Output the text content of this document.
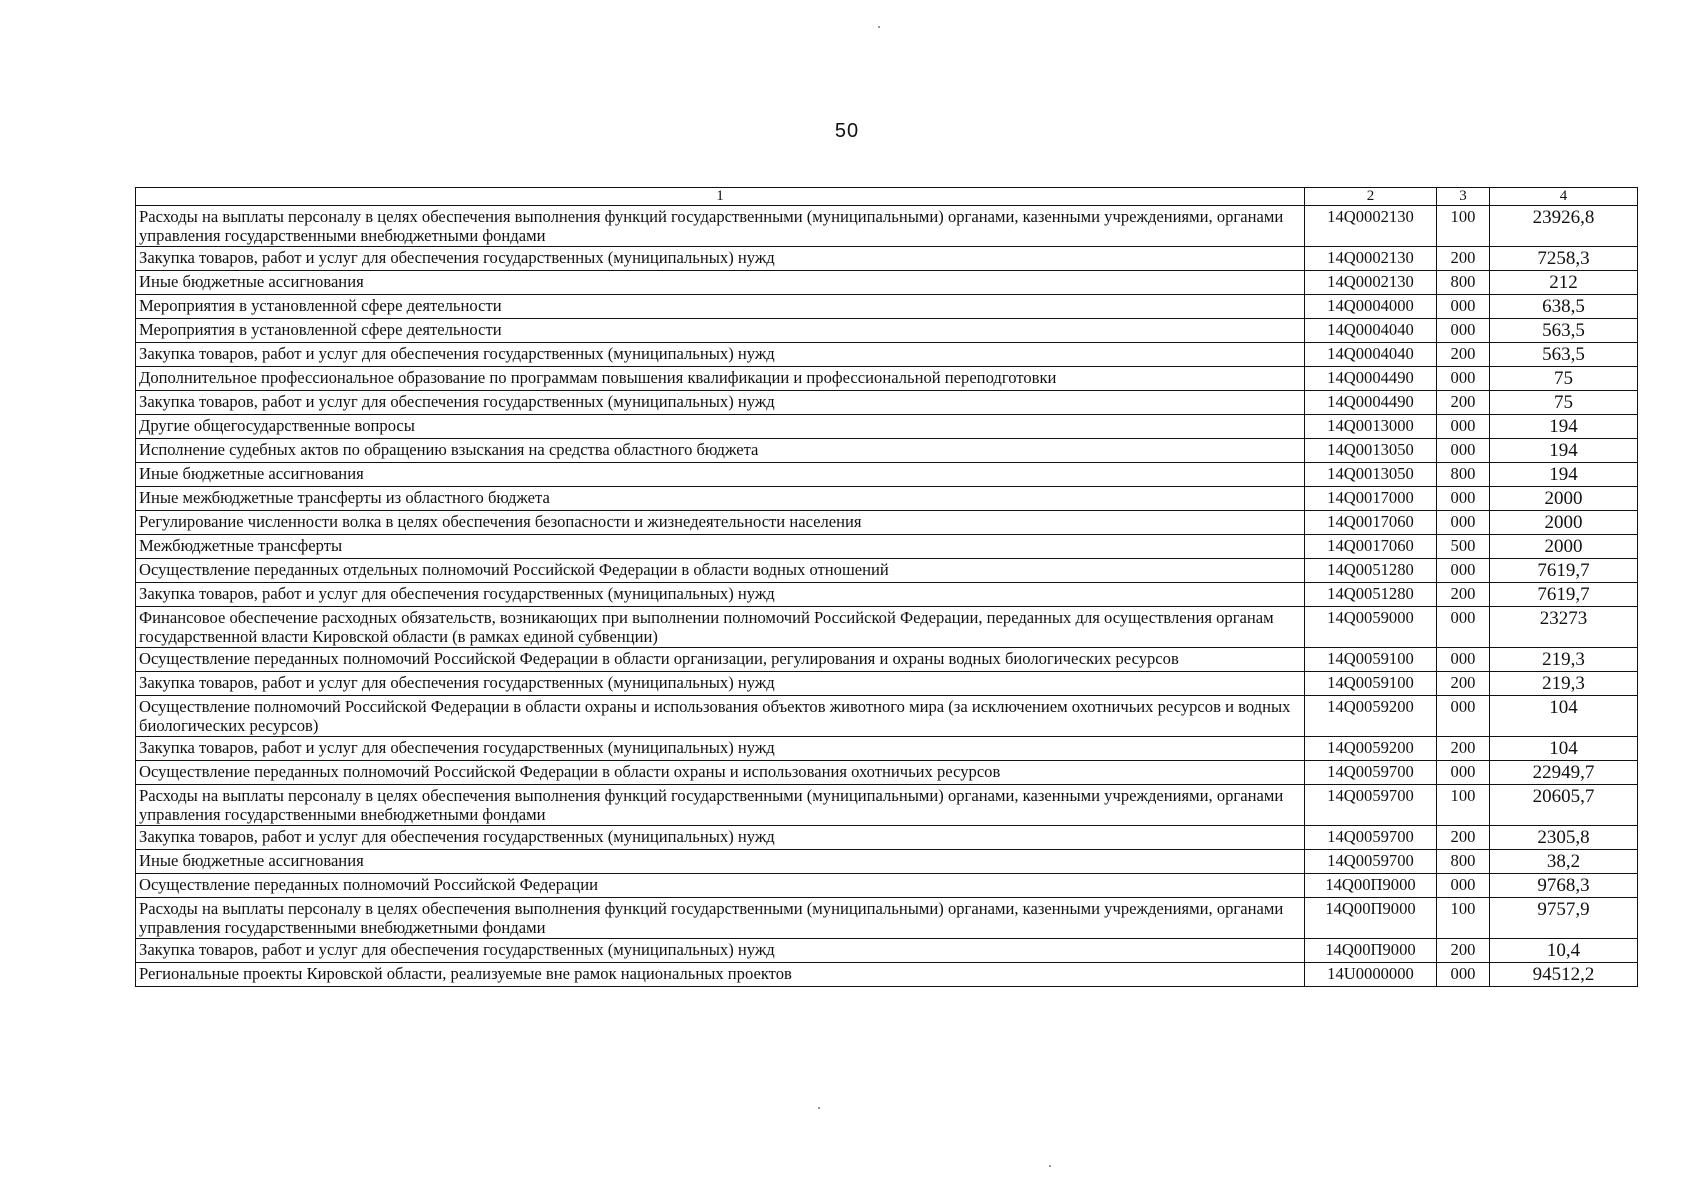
50
1	2	3	4
Расходы на выплаты персоналу в целях обеспечения выполнения функций государственными (муниципальными) органами, казенными учреждениями, органами управления государственными внебюджетными фондами	14Q0002130	100	23926,8
Закупка товаров, работ и услуг для обеспечения государственных (муниципальных) нужд	14Q0002130	200	7258,3
Иные бюджетные ассигнования	14Q0002130	800	212
Мероприятия в установленной сфере деятельности	14Q0004000	000	638,5
Мероприятия в установленной сфере деятельности	14Q0004040	000	563,5
Закупка товаров, работ и услуг для обеспечения государственных (муниципальных) нужд	14Q0004040	200	563,5
Дополнительное профессиональное образование по программам повышения квалификации и профессиональной переподготовки	14Q0004490	000	75
Закупка товаров, работ и услуг для обеспечения государственных (муниципальных) нужд	14Q0004490	200	75
Другие общегосударственные вопросы	14Q0013000	000	194
Исполнение судебных актов по обращению взыскания на средства областного бюджета	14Q0013050	000	194
Иные бюджетные ассигнования	14Q0013050	800	194
Иные межбюджетные трансферты из областного бюджета	14Q0017000	000	2000
Регулирование численности волка в целях обеспечения безопасности и жизнедеятельности населения	14Q0017060	000	2000
Межбюджетные трансферты	14Q0017060	500	2000
Осуществление переданных отдельных полномочий Российской Федерации в области водных отношений	14Q0051280	000	7619,7
Закупка товаров, работ и услуг для обеспечения государственных (муниципальных) нужд	14Q0051280	200	7619,7
Финансовое обеспечение расходных обязательств, возникающих при выполнении полномочий Российской Федерации, переданных для осуществления органам государственной власти Кировской области (в рамках единой субвенции)	14Q0059000	000	23273
Осуществление переданных полномочий Российской Федерации в области организации, регулирования и охраны водных биологических ресурсов	14Q0059100	000	219,3
Закупка товаров, работ и услуг для обеспечения государственных (муниципальных) нужд	14Q0059100	200	219,3
Осуществление полномочий Российской Федерации в области охраны и использования объектов животного мира (за исключением охотничьих ресурсов и водных биологических ресурсов)	14Q0059200	000	104
Закупка товаров, работ и услуг для обеспечения государственных (муниципальных) нужд	14Q0059200	200	104
Осуществление переданных полномочий Российской Федерации в области охраны и использования охотничьих ресурсов	14Q0059700	000	22949,7
Расходы на выплаты персоналу в целях обеспечения выполнения функций государственными (муниципальными) органами, казенными учреждениями, органами управления государственными внебюджетными фондами	14Q0059700	100	20605,7
Закупка товаров, работ и услуг для обеспечения государственных (муниципальных) нужд	14Q0059700	200	2305,8
Иные бюджетные ассигнования	14Q0059700	800	38,2
Осуществление переданных полномочий Российской Федерации	14Q00П9000	000	9768,3
Расходы на выплаты персоналу в целях обеспечения выполнения функций государственными (муниципальными) органами, казенными учреждениями, органами управления государственными внебюджетными фондами	14Q00П9000	100	9757,9
Закупка товаров, работ и услуг для обеспечения государственных (муниципальных) нужд	14Q00П9000	200	10,4
Региональные проекты Кировской области, реализуемые вне рамок национальных проектов	14U0000000	000	94512,2
